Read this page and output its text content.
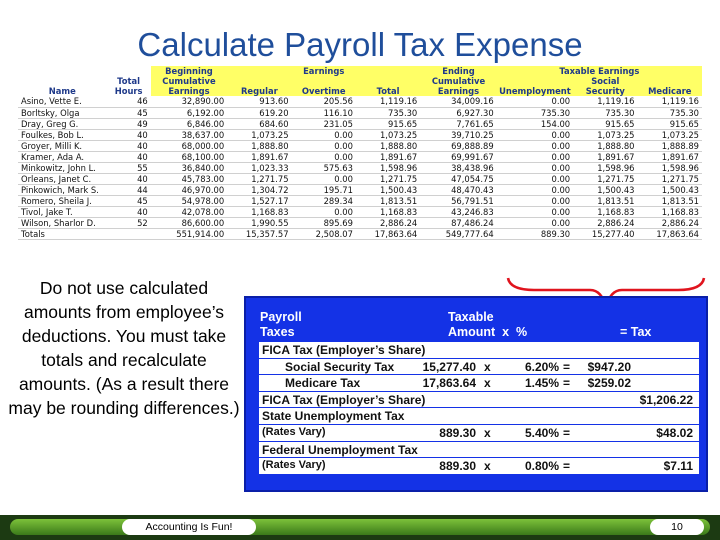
Calculate Payroll Tax Expense
		Beginning	Earnings			Ending	Taxable Earnings		
Name	Total Hours	Cumulative Earnings	Regular	Overtime	Total	Cumulative Earnings	Unemployment	Social Security	Medicare
Asino, Vette E.	46	32,890.00	913.60	205.56	1,119.16	34,009.16	0.00	1,119.16	1,119.16
Borltsky, Olga	45	6,192.00	619.20	116.10	735.30	6,927.30	735.30	735.30	735.30
Dray, Greg G.	49	6,846.00	684.60	231.05	915.65	7,761.65	154.00	915.65	915.65
Foulkes, Bob L.	40	38,637.00	1,073.25	0.00	1,073.25	39,710.25	0.00	1,073.25	1,073.25
Groyer, Milli K.	40	68,000.00	1,888.80	0.00	1,888.80	69,888.89	0.00	1,888.80	1,888.89
Kramer, Ada A.	40	68,100.00	1,891.67	0.00	1,891.67	69,991.67	0.00	1,891.67	1,891.67
Minkowitz, John L.	55	36,840.00	1,023.33	575.63	1,598.96	38,438.96	0.00	1,598.96	1,598.96
Orleans, Janet C.	40	45,783.00	1,271.75	0.00	1,271.75	47,054.75	0.00	1,271.75	1,271.75
Pinkowich, Mark S.	44	46,970.00	1,304.72	195.71	1,500.43	48,470.43	0.00	1,500.43	1,500.43
Romero, Sheila J.	45	54,978.00	1,527.17	289.34	1,813.51	56,791.51	0.00	1,813.51	1,813.51
Tivol, Jake T.	40	42,078.00	1,168.83	0.00	1,168.83	43,246.83	0.00	1,168.83	1,168.83
Wilson, Sharlor D.	52	86,600.00	1,990.55	895.69	2,886.24	87,486.24	0.00	2,886.24	2,886.24
Totals		551,914.00	15,357.57	2,508.07	17,863.64	549,777.64	889.30	15,277.40	17,863.64
Do not use calculated amounts from employee’s deductions. You must take totals and recalculate amounts. (As a result there may be rounding differences.)
Payroll
Taxes
Taxable
Amount  x  %	= Tax
FICA Tax (Employer’s Share)
Social Security Tax 15,277.40 x	6.20% = $947.20
Medicare Tax	17,863.64 x	1.45% = $259.02
FICA Tax (Employer’s Share)	$1,206.22
State Unemployment Tax
(Rates Vary)	889.30 x	5.40% =	$48.02
Federal Unemployment Tax
(Rates Vary)	889.30 x	0.80% =	$7.11
Accounting Is Fun!	10
